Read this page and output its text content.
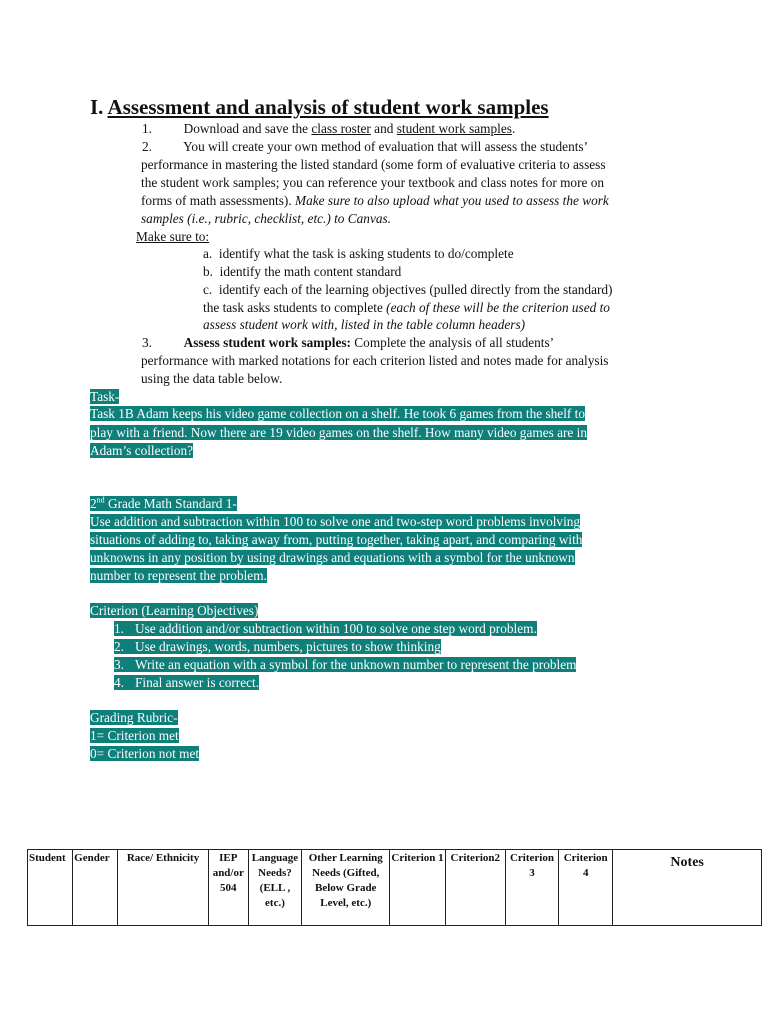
I. Assessment and analysis of student work samples
1. Download and save the class roster and student work samples.
2. You will create your own method of evaluation that will assess the students’
performance in mastering the listed standard (some form of evaluative criteria to assess
the student work samples; you can reference your textbook and class notes for more on
forms of math assessments). Make sure to also upload what you used to assess the work
samples (i.e., rubric, checklist, etc.) to Canvas.
Make sure to:
a. identify what the task is asking students to do/complete
b. identify the math content standard
c. identify each of the learning objectives (pulled directly from the standard)
the task asks students to complete (each of these will be the criterion used to
assess student work with, listed in the table column headers)
3. Assess student work samples: Complete the analysis of all students’
performance with marked notations for each criterion listed and notes made for analysis
using the data table below.
Task-
Task 1B Adam keeps his video game collection on a shelf. He took 6 games from the shelf to
play with a friend. Now there are 19 video games on the shelf. How many video games are in
Adam’s collection?
2nd Grade Math Standard 1-
Use addition and subtraction within 100 to solve one and two-step word problems involving
situations of adding to, taking away from, putting together, taking apart, and comparing with
unknowns in any position by using drawings and equations with a symbol for the unknown
number to represent the problem.
Criterion (Learning Objectives)
1. Use addition and/or subtraction within 100 to solve one step word problem.
2. Use drawings, words, numbers, pictures to show thinking
3. Write an equation with a symbol for the unknown number to represent the problem
4. Final answer is correct.
Grading Rubric-
1= Criterion met
0= Criterion not met
Student	Gender	Race/ Ethnicity	IEP and/or 504	Language Needs? (ELL , etc.)	Other Learning Needs (Gifted, Below Grade Level, etc.)	Criterion 1	Criterion2	Criterion 3	Criterion 4	Notes
